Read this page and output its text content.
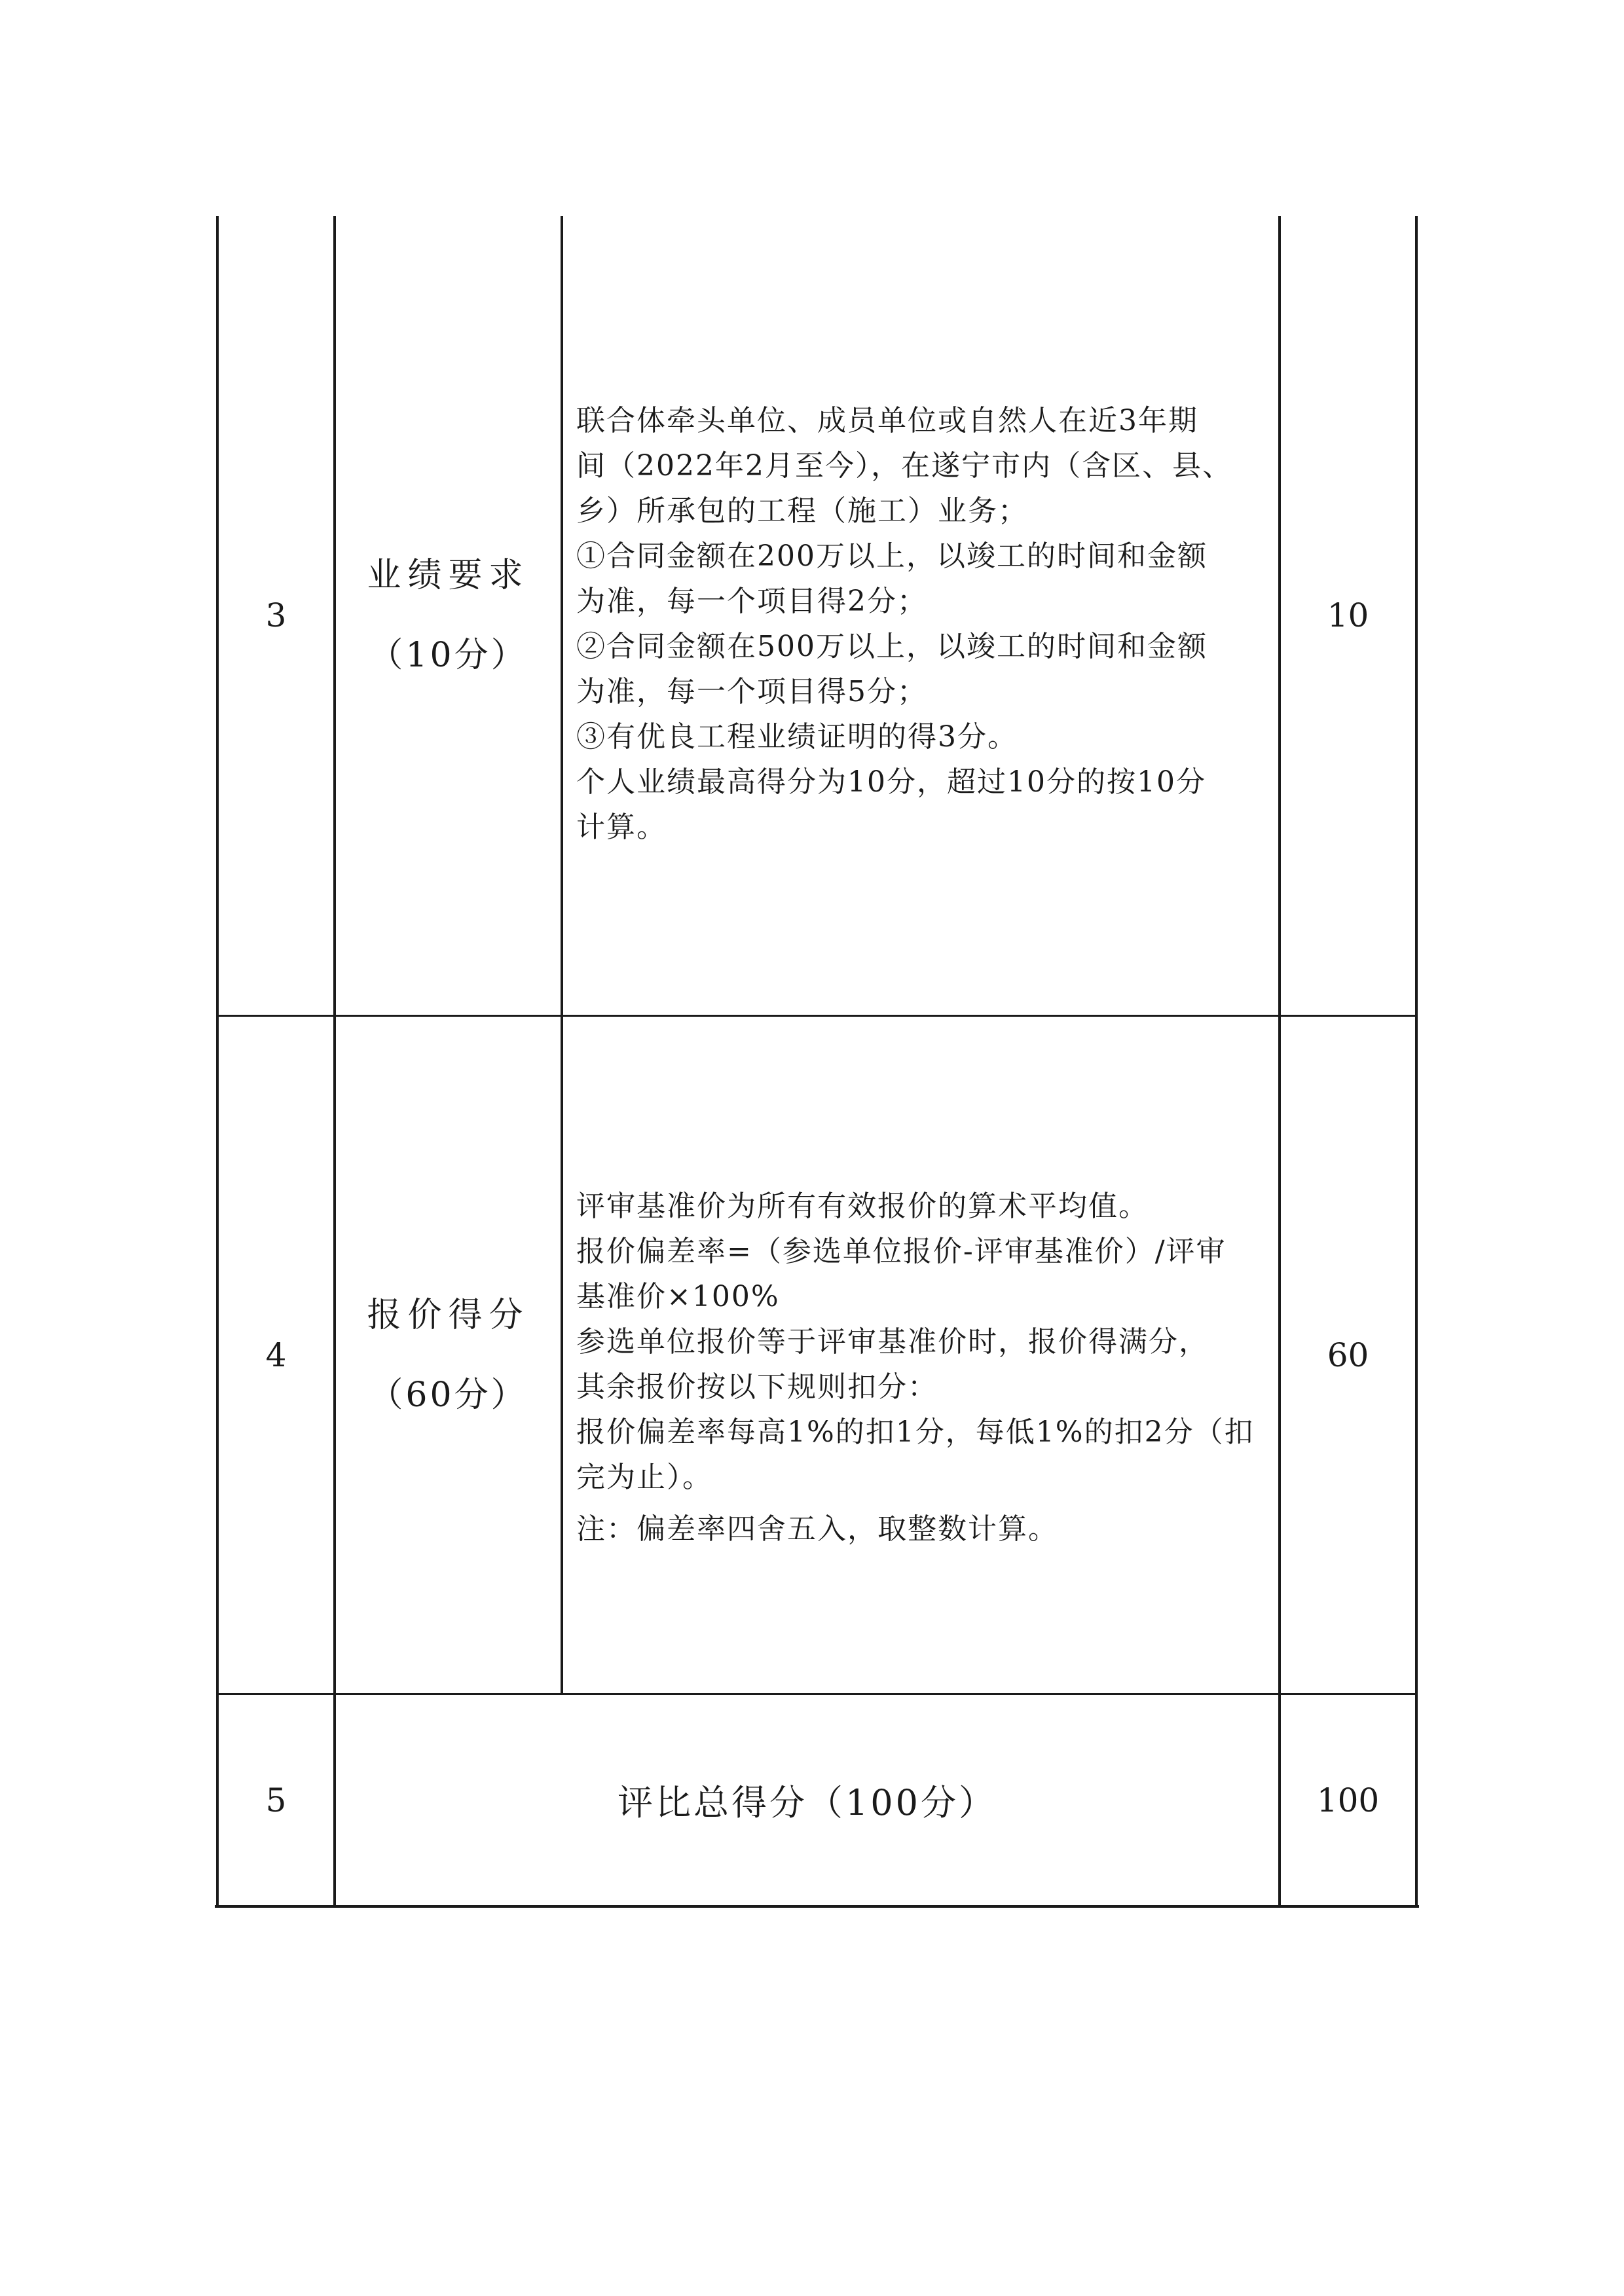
3
业绩要求
（10分）

联合体牵头单位、成员单位或自然人在近3年期

间（2022年2月至今），在遂宁市内（含区、县、

乡）所承包的工程（施工）业务；

①合同金额在200万以上，以竣工的时间和金额

为准，每一个项目得2分；

②合同金额在500万以上，以竣工的时间和金额

为准，每一个项目得5分；

③有优良工程业绩证明的得3分。

个人业绩最高得分为10分，超过10分的按10分

计算。

10
4
报价得分
（60分）

评审基准价为所有有效报价的算术平均值。

报价偏差率=（参选单位报价-评审基准价）/评审

基准价×100%

参选单位报价等于评审基准价时，报价得满分，

其余报价按以下规则扣分：

报价偏差率每高1%的扣1分，每低1%的扣2分（扣

完为止）。

注：偏差率四舍五入，取整数计算。

60
5	评比总得分（100分）	100
